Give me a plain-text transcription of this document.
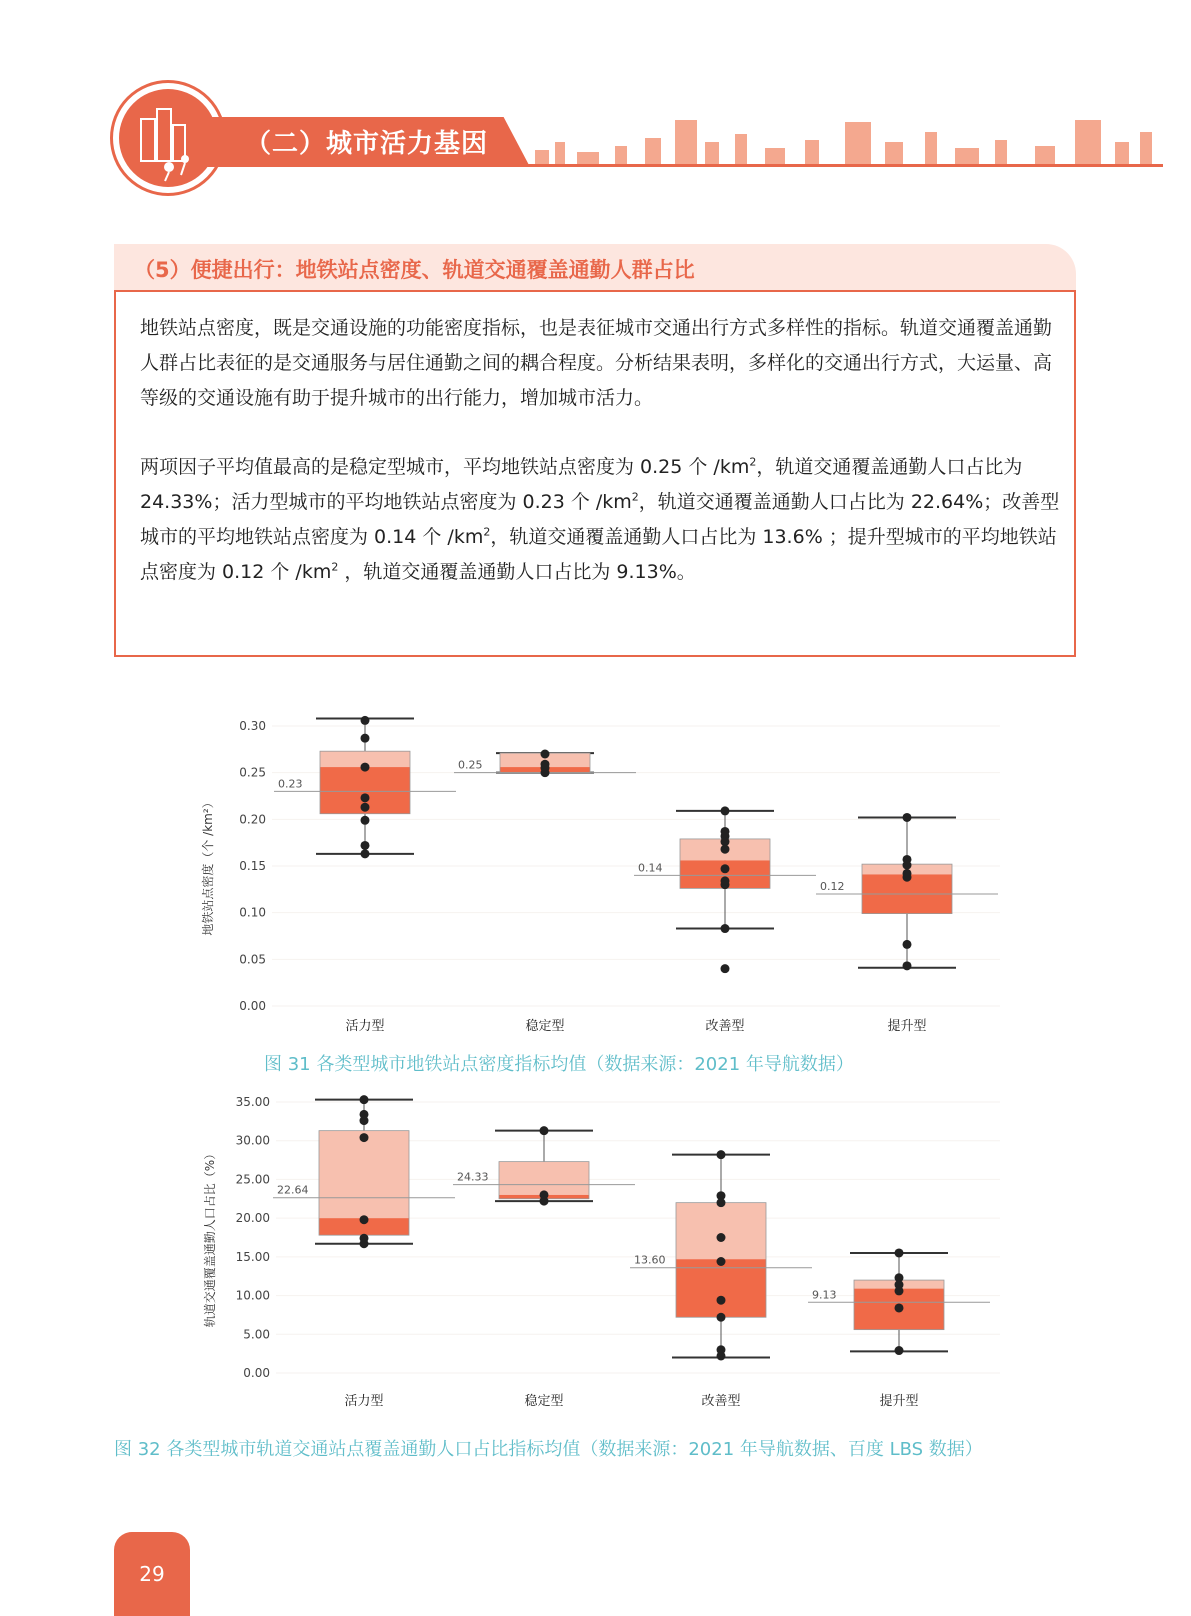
（二）城市活力基因
（5）便捷出行：地铁站点密度、轨道交通覆盖通勤人群占比

地铁站点密度，既是交通设施的功能密度指标，也是表征城市交通出行方式多样性的指标。轨道交通覆盖通勤人群占比表征的是交通服务与居住通勤之间的耦合程度。分析结果表明，多样化的交通出行方式，大运量、高等级的交通设施有助于提升城市的出行能力，增加城市活力。

两项因子平均值最高的是稳定型城市，平均地铁站点密度为 0.25 个 $/km^2$，轨道交通覆盖通勤人口占比为 24.33%；活力型城市的平均地铁站点密度为 0.23 个 $/km^2$，轨道交通覆盖通勤人口占比为 22.64%；改善型城市的平均地铁站点密度为 0.14 个 $/km^2$，轨道交通覆盖通勤人口占比为 13.6% ；提升型城市的平均地铁站点密度为 0.12 个 $/km^2$ ，轨道交通覆盖通勤人口占比为 9.13%。

0.00
0.05
0.10
0.15
0.20
0.25
0.30
地铁站点密度（个 /km²）
0.23
活力型
0.25
稳定型
0.14
改善型
0.12
提升型
图 31 各类型城市地铁站点密度指标均值（数据来源：2021 年导航数据）
0.00
5.00
10.00
15.00
20.00
25.00
30.00
35.00
轨道交通覆盖通勤人口占比（%）	22.64
活力型
24.33
稳定型
13.60
改善型
9.13
提升型
图 32 各类型城市轨道交通站点覆盖通勤人口占比指标均值（数据来源：2021 年导航数据、百度 LBS 数据）
29
